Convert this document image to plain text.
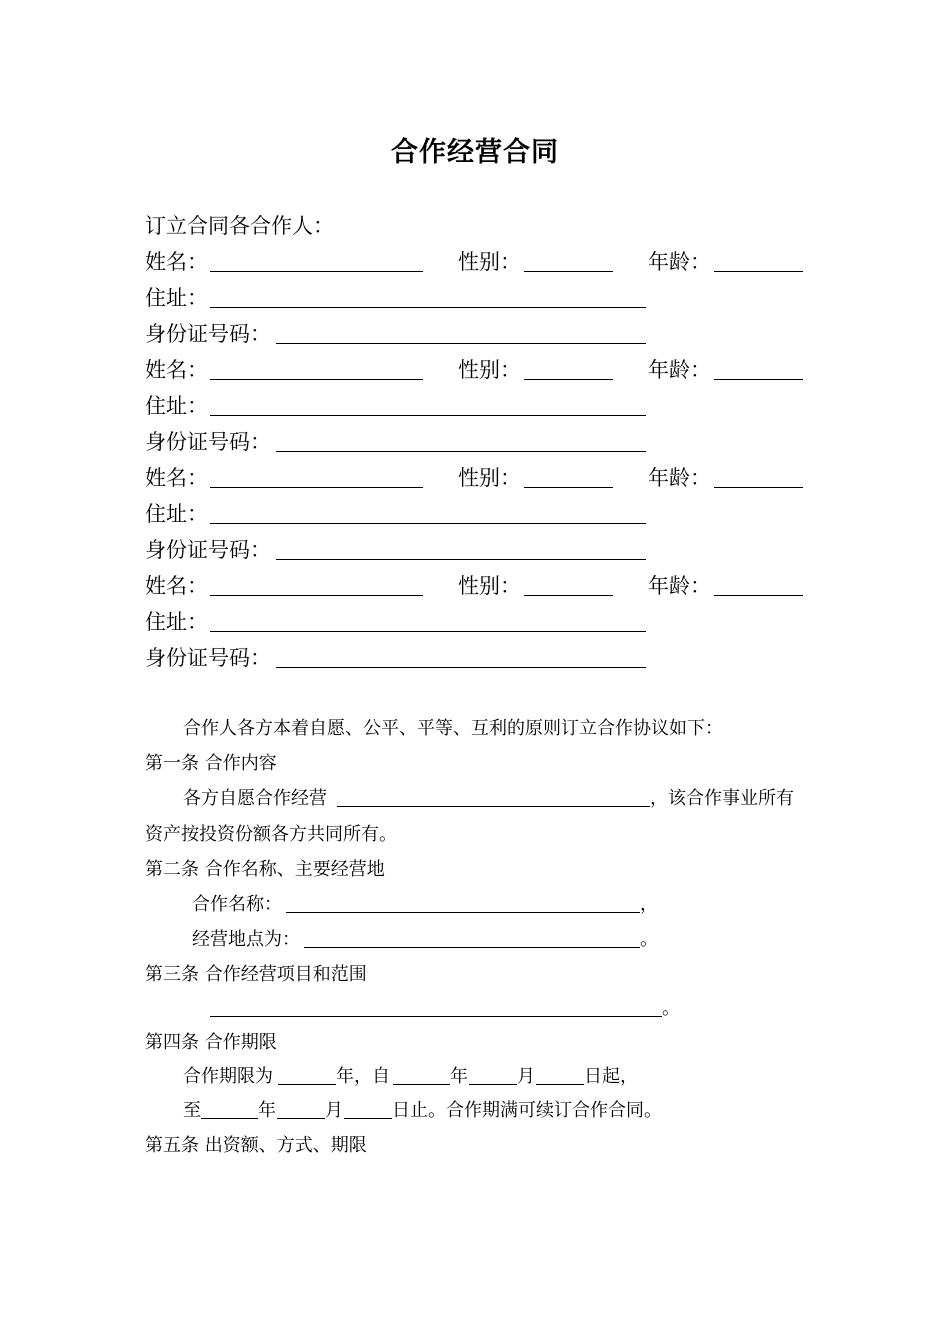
合作经营合同
订立合同各合作人：
姓名：	性别：	年龄：
住址：
身份证号码：
姓名：	性别：	年龄：
住址：
身份证号码：
姓名：	性别：	年龄：
住址：
身份证号码：
姓名：	性别：	年龄：
住址：
身份证号码：
合作人各方本着自愿、公平、平等、互利的原则订立合作协议如下：
第一条 合作内容
各方自愿合作经营	，该合作事业所有
资产按投资份额各方共同所有。
第二条 合作名称、主要经营地
合作名称：	，
经营地点为：	。
第三条 合作经营项目和范围
。
第四条 合作期限
合作期限为	年，自	年	月	日起，
至	年	月	日止。合作期满可续订合作合同。
第五条 出资额、方式、期限
